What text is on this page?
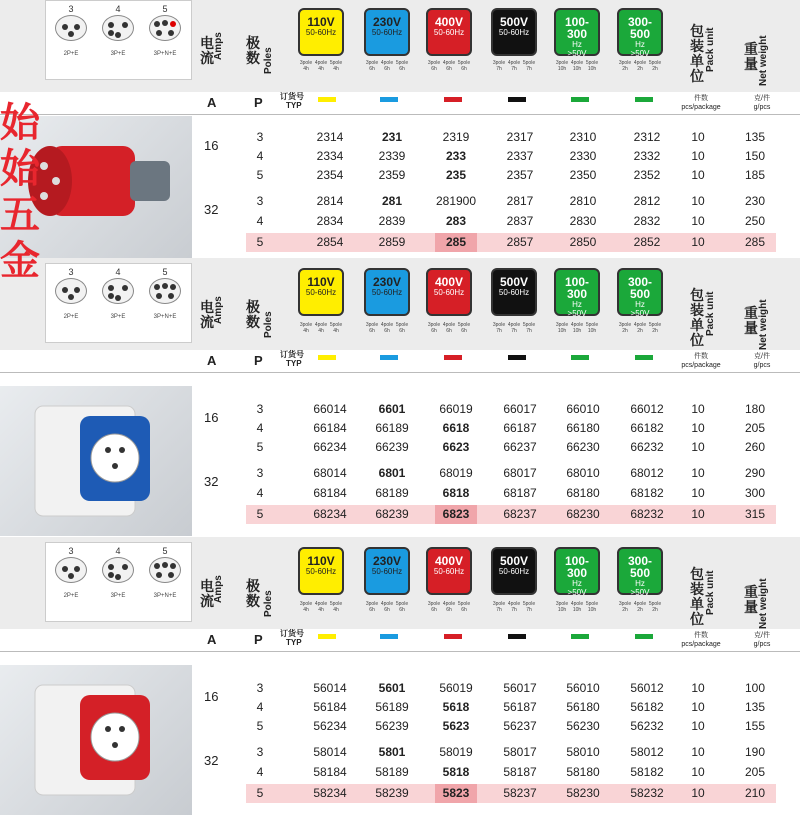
3
2P+E
4
3P+E
5
3P+N+E
电流 Amps 极数 Poles
110V
50-60Hz
3pole 4pole 5pole
4h 4h 4h
230V
50-60Hz
3pole 4pole 5pole
6h 6h 6h
400V
50-60Hz
3pole 4pole 5pole
6h 6h 6h
500V
50-60Hz
3pole 4pole 5pole
7h 7h 7h
100-300
Hz
>50V
3pole 4pole 5pole
10h 10h 10h
300-500
Hz
>50V
3pole 4pole 5pole
2h 2h 2h
包装单位
Pack unit 重量 Net weight
A	P 订货号
TYP
件数
pcs/package
克/件
g/pcs
16
3	2314	231	2319	2317	2310	2312	10	135
4	2334	2339	233	2337	2330	2332	10	150
5	2354	2359	235	2357	2350	2352	10	185
32
3	2814	281	281900	2817	2810	2812	10	230
4	2834	2839	283	2837	2830	2832	10	250
5	2854	2859	285	2857	2850	2852	10	285
3
2P+E
4
3P+E
5
3P+N+E
电流 Amps 极数 Poles
110V
50-60Hz
3pole 4pole 5pole
4h 4h 4h
230V
50-60Hz
3pole 4pole 5pole
6h 6h 6h
400V
50-60Hz
3pole 4pole 5pole
6h 6h 6h
500V
50-60Hz
3pole 4pole 5pole
7h 7h 7h
100-300
Hz
>50V
3pole 4pole 5pole
10h 10h 10h
300-500
Hz
>50V
3pole 4pole 5pole
2h 2h 2h
包装单位
Pack unit 重量 Net weight
A	P 订货号
TYP
件数
pcs/package
克/件
g/pcs
16
3	66014	6601	66019	66017	66010	66012	10	180
4	66184	66189	6618	66187	66180	66182	10	205
5	66234	66239	6623	66237	66230	66232	10	260
32
3	68014	6801	68019	68017	68010	68012	10	290
4	68184	68189	6818	68187	68180	68182	10	300
5	68234	68239	6823	68237	68230	68232	10	315
3
2P+E
4
3P+E
5
3P+N+E
电流 Amps 极数 Poles
110V
50-60Hz
3pole 4pole 5pole
4h 4h 4h
230V
50-60Hz
3pole 4pole 5pole
6h 6h 6h
400V
50-60Hz
3pole 4pole 5pole
6h 6h 6h
500V
50-60Hz
3pole 4pole 5pole
7h 7h 7h
100-300
Hz
>50V
3pole 4pole 5pole
10h 10h 10h
300-500
Hz
>50V
3pole 4pole 5pole
2h 2h 2h
包装单位
Pack unit 重量 Net weight
A	P 订货号
TYP
件数
pcs/package
克/件
g/pcs
16
3	56014	5601	56019	56017	56010	56012	10	100
4	56184	56189	5618	56187	56180	56182	10	135
5	56234	56239	5623	56237	56230	56232	10	155
32
3	58014	5801	58019	58017	58010	58012	10	190
4	58184	58189	5818	58187	58180	58182	10	205
5	58234	58239	5823	58237	58230	58232	10	210
始始五金
